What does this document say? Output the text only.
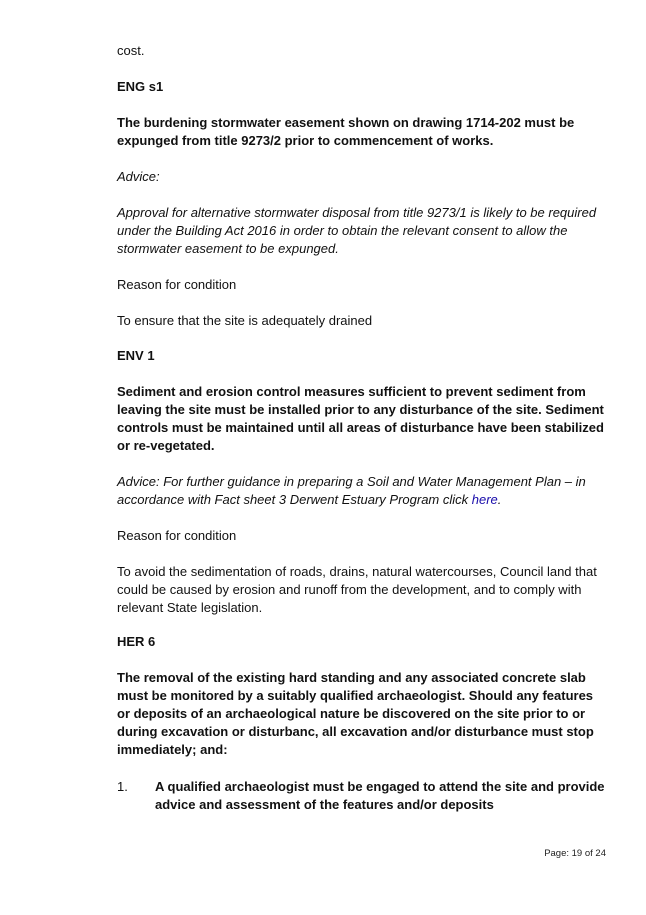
cost.

ENG s1

The burdening stormwater easement shown on drawing 1714-202 must be expunged from title 9273/2 prior to commencement of works.

Advice:

Approval for alternative stormwater disposal from title 9273/1 is likely to be required under the Building Act 2016 in order to obtain the relevant consent to allow the stormwater easement to be expunged.

Reason for condition

To ensure that the site is adequately drained

ENV 1

Sediment and erosion control measures sufficient to prevent sediment from leaving the site must be installed prior to any disturbance of the site. Sediment controls must be maintained until all areas of disturbance have been stabilized or re-vegetated.

Advice: For further guidance in preparing a Soil and Water Management Plan – in accordance with Fact sheet 3 Derwent Estuary Program click here.

Reason for condition

To avoid the sedimentation of roads, drains, natural watercourses, Council land that could be caused by erosion and runoff from the development, and to comply with relevant State legislation.

HER 6

The removal of the existing hard standing and any associated concrete slab must be monitored by a suitably qualified archaeologist. Should any features or deposits of an archaeological nature be discovered on the site prior to or during excavation or disturbanc, all excavation and/or disturbance must stop immediately; and:

1. A qualified archaeologist must be engaged to attend the site and provide advice and assessment of the features and/or deposits

Page: 19 of 24
